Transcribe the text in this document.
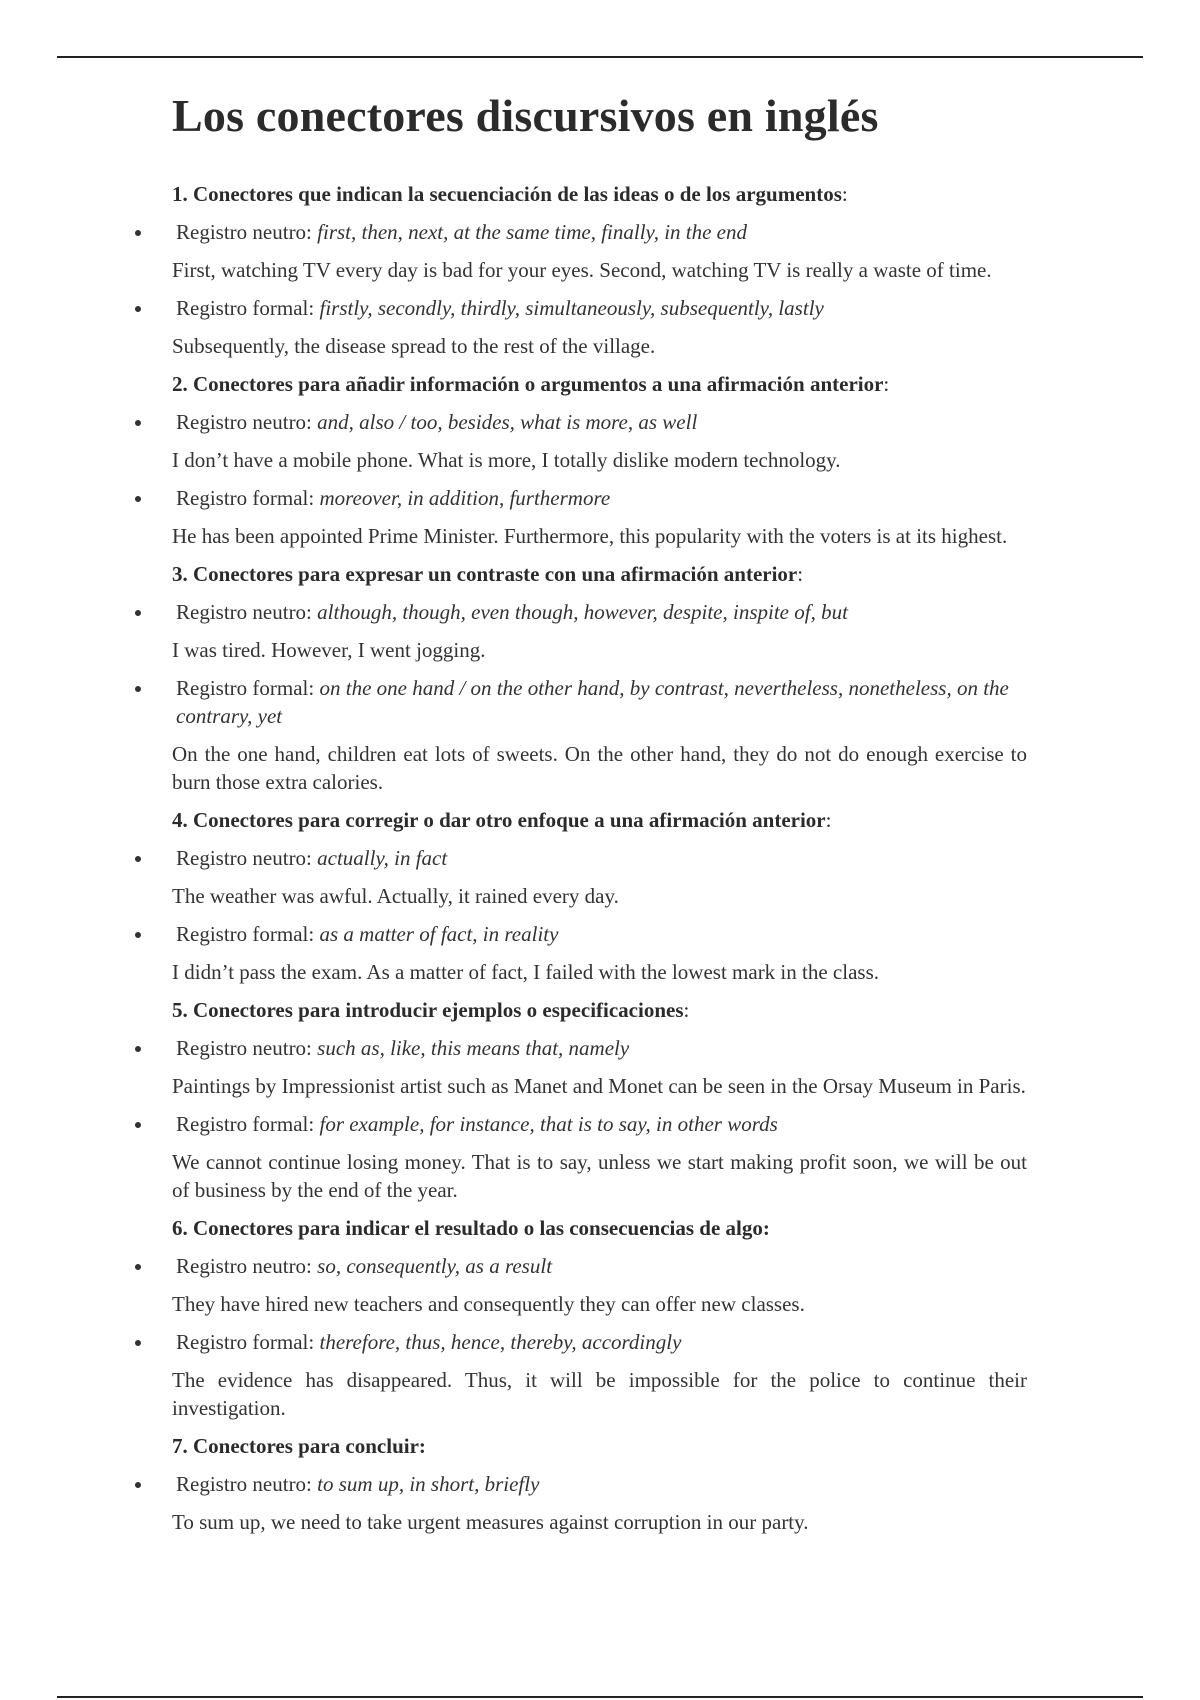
Los conectores discursivos en inglés
1. Conectores que indican la secuenciación de las ideas o de los argumentos:
Registro neutro: first, then, next, at the same time, finally, in the end
First, watching TV every day is bad for your eyes. Second, watching TV is really a waste of time.
Registro formal: firstly, secondly, thirdly, simultaneously, subsequently, lastly
Subsequently, the disease spread to the rest of the village.
2. Conectores para añadir información o argumentos a una afirmación anterior:
Registro neutro: and, also / too, besides, what is more, as well
I don’t have a mobile phone. What is more, I totally dislike modern technology.
Registro formal: moreover, in addition, furthermore
He has been appointed Prime Minister. Furthermore, this popularity with the voters is at its highest.
3. Conectores para expresar un contraste con una afirmación anterior:
Registro neutro: although, though, even though, however, despite, inspite of, but
I was tired. However, I went jogging.
Registro formal: on the one hand / on the other hand, by contrast, nevertheless, nonetheless, on the contrary, yet
On the one hand, children eat lots of sweets. On the other hand, they do not do enough exercise to burn those extra calories.
4. Conectores para corregir o dar otro enfoque a una afirmación anterior:
Registro neutro: actually, in fact
The weather was awful. Actually, it rained every day.
Registro formal: as a matter of fact, in reality
I didn’t pass the exam. As a matter of fact, I failed with the lowest mark in the class.
5. Conectores para introducir ejemplos o especificaciones:
Registro neutro: such as, like, this means that, namely
Paintings by Impressionist artist such as Manet and Monet can be seen in the Orsay Museum in Paris.
Registro formal: for example, for instance, that is to say, in other words
We cannot continue losing money. That is to say, unless we start making profit soon, we will be out of business by the end of the year.
6. Conectores para indicar el resultado o las consecuencias de algo:
Registro neutro: so, consequently, as a result
They have hired new teachers and consequently they can offer new classes.
Registro formal: therefore, thus, hence, thereby, accordingly
The evidence has disappeared. Thus, it will be impossible for the police to continue their investigation.
7. Conectores para concluir:
Registro neutro: to sum up, in short, briefly
To sum up, we need to take urgent measures against corruption in our party.
